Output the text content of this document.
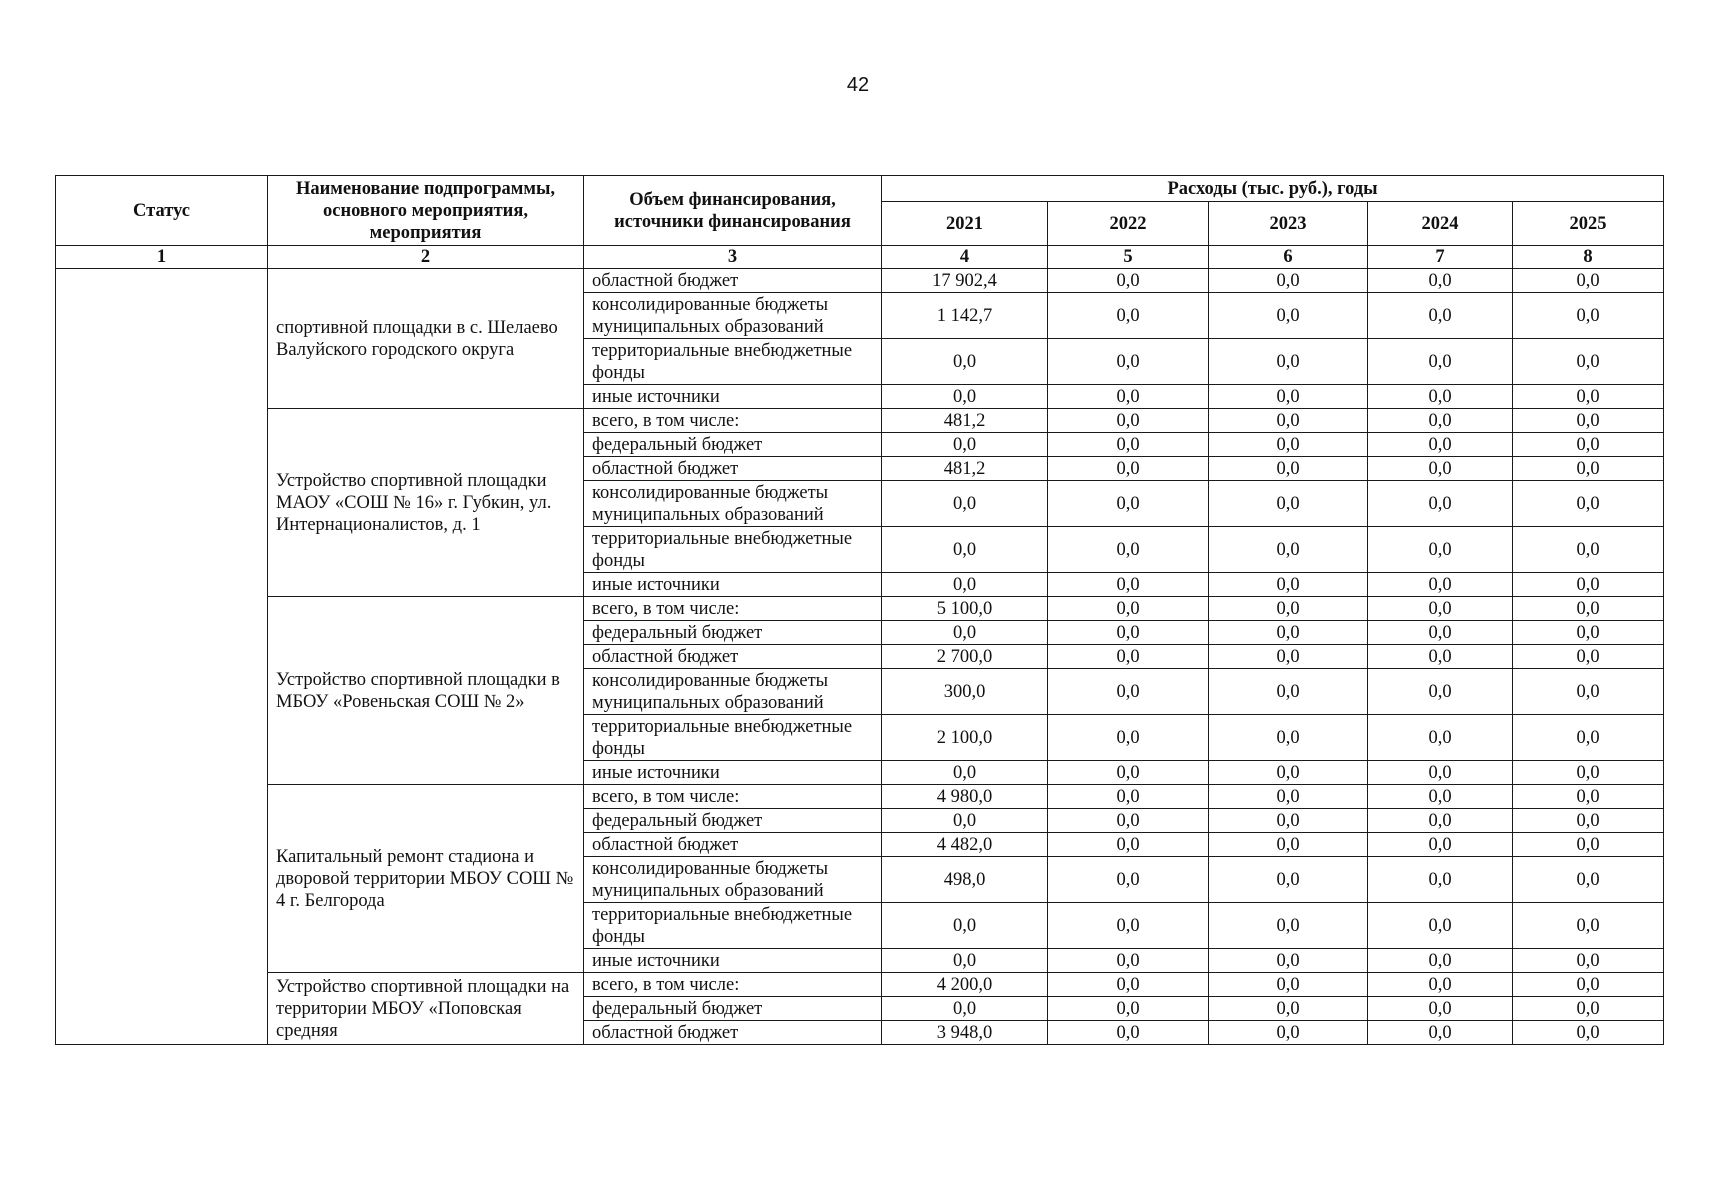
42
Статус	Наименование подпрограммы, основного мероприятия, мероприятия	Объем финансирования, источники финансирования	Расходы (тыс. руб.), годы				
			2021	2022	2023	2024	2025
1	2	3	4	5	6	7	8
	спортивной площадки в с. Шелаево Валуйского городского округа	областной бюджет	17 902,4	0,0	0,0	0,0	0,0
		консолидированные бюджеты муниципальных образований	1 142,7	0,0	0,0	0,0	0,0
		территориальные внебюджетные фонды	0,0	0,0	0,0	0,0	0,0
		иные источники	0,0	0,0	0,0	0,0	0,0
	Устройство спортивной площадки МАОУ «СОШ № 16» г. Губкин, ул. Интернационалистов, д. 1	всего, в том числе:	481,2	0,0	0,0	0,0	0,0
		федеральный бюджет	0,0	0,0	0,0	0,0	0,0
		областной бюджет	481,2	0,0	0,0	0,0	0,0
		консолидированные бюджеты муниципальных образований	0,0	0,0	0,0	0,0	0,0
		территориальные внебюджетные фонды	0,0	0,0	0,0	0,0	0,0
		иные источники	0,0	0,0	0,0	0,0	0,0
	Устройство спортивной площадки в МБОУ «Ровеньская СОШ № 2»	всего, в том числе:	5 100,0	0,0	0,0	0,0	0,0
		федеральный бюджет	0,0	0,0	0,0	0,0	0,0
		областной бюджет	2 700,0	0,0	0,0	0,0	0,0
		консолидированные бюджеты муниципальных образований	300,0	0,0	0,0	0,0	0,0
		территориальные внебюджетные фонды	2 100,0	0,0	0,0	0,0	0,0
		иные источники	0,0	0,0	0,0	0,0	0,0
	Капитальный ремонт стадиона и дворовой территории МБОУ СОШ № 4 г. Белгорода	всего, в том числе:	4 980,0	0,0	0,0	0,0	0,0
		федеральный бюджет	0,0	0,0	0,0	0,0	0,0
		областной бюджет	4 482,0	0,0	0,0	0,0	0,0
		консолидированные бюджеты муниципальных образований	498,0	0,0	0,0	0,0	0,0
		территориальные внебюджетные фонды	0,0	0,0	0,0	0,0	0,0
		иные источники	0,0	0,0	0,0	0,0	0,0
	Устройство спортивной площадки на территории МБОУ «Поповская средняя	всего, в том числе:	4 200,0	0,0	0,0	0,0	0,0
		федеральный бюджет	0,0	0,0	0,0	0,0	0,0
		областной бюджет	3 948,0	0,0	0,0	0,0	0,0
